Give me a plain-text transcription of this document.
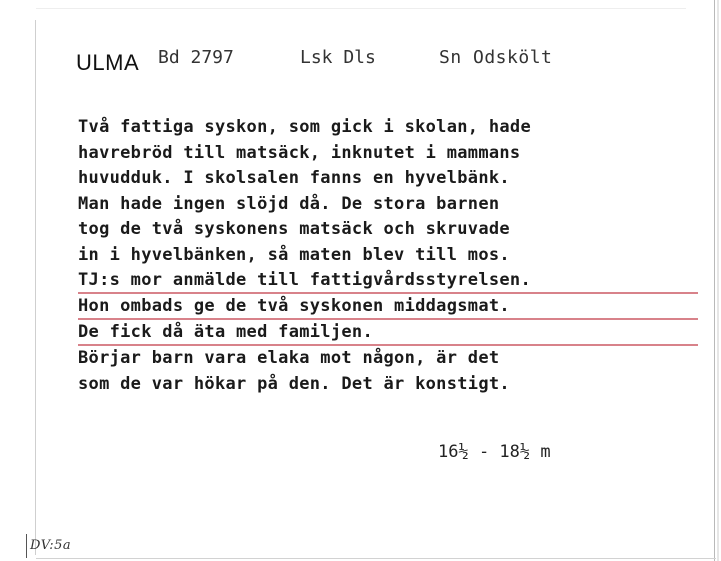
ULMA Bd 2797	Lsk Dls	Sn Odskölt
Två fattiga syskon, som gick i skolan, hade
havrebröd till matsäck, inknutet i mammans
huvudduk. I skolsalen fanns en hyvelbänk.
Man hade ingen slöjd då. De stora barnen
tog de två syskonens matsäck och skruvade
in i hyvelbänken, så maten blev till mos.
TJ:s mor anmälde till fattigvårdsstyrelsen.
Hon ombads ge de två syskonen middagsmat.
De fick då äta med familjen.
Börjar barn vara elaka mot någon, är det
som de var hökar på den. Det är konstigt.
16½ - 18½ m
DV:5a
